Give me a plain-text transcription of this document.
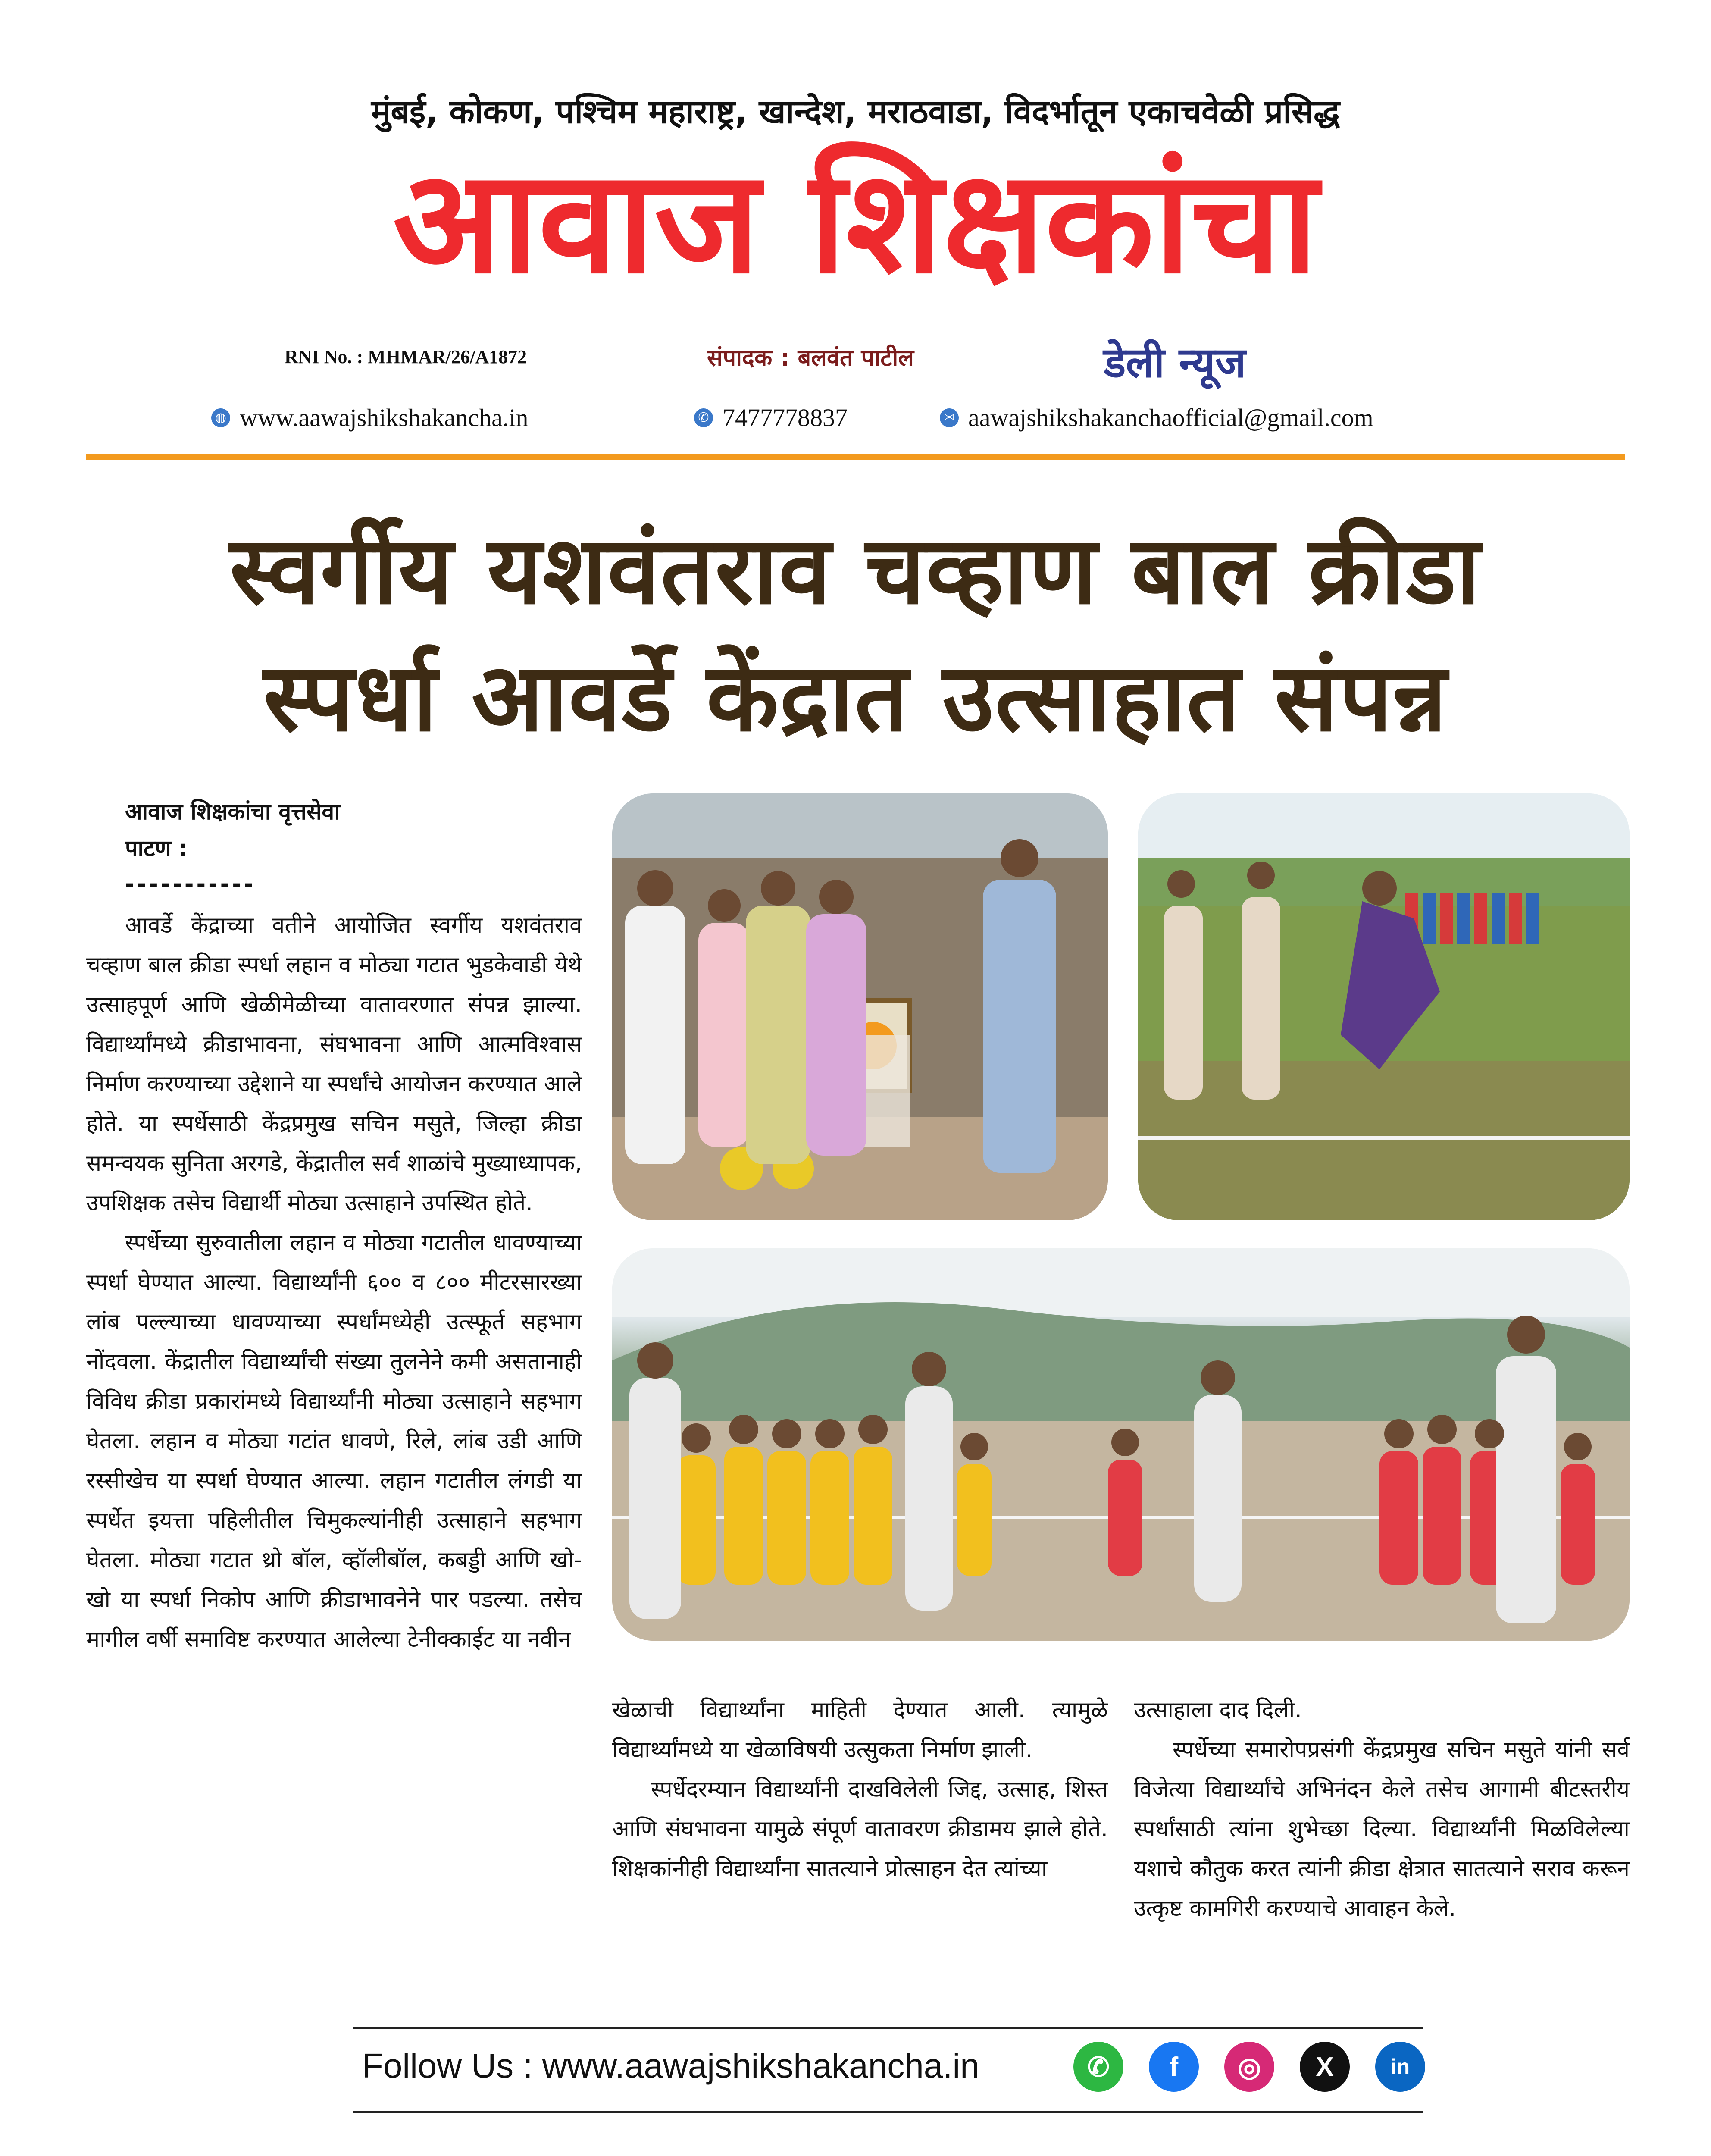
मुंबई, कोकण, पश्चिम महाराष्ट्र, खान्देश, मराठवाडा, विदर्भातून एकाचवेळी प्रसिद्ध
आवाज शिक्षकांचा
RNI No. : MHMAR/26/A1872	संपादक : बलवंत पाटील	डेली न्यूज
◍ www.aawajshikshakancha.in	✆ 7477778837	✉ aawajshikshakanchaofficial@gmail.com
स्वर्गीय यशवंतराव चव्हाण बाल क्रीडा
स्पर्धा आवर्डे केंद्रात उत्साहात संपन्न
आवाज शिक्षकांचा वृत्तसेवा
पाटण :
-----------

आवर्डे केंद्राच्या वतीने आयोजित स्वर्गीय यशवंतराव चव्हाण बाल क्रीडा स्पर्धा लहान व मोठ्या गटात भुडकेवाडी येथे उत्साहपूर्ण आणि खेळीमेळीच्या वातावरणात संपन्न झाल्या. विद्यार्थ्यांमध्ये क्रीडाभावना, संघभावना आणि आत्मविश्वास निर्माण करण्याच्या उद्देशाने या स्पर्धांचे आयोजन करण्यात आले होते. या स्पर्धेसाठी केंद्रप्रमुख सचिन मसुते, जिल्हा क्रीडा समन्वयक सुनिता अरगडे, केंद्रातील सर्व शाळांचे मुख्याध्यापक, उपशिक्षक तसेच विद्यार्थी मोठ्या उत्साहाने उपस्थित होते.

स्पर्धेच्या सुरुवातीला लहान व मोठ्या गटातील धावण्याच्या स्पर्धा घेण्यात आल्या. विद्यार्थ्यांनी ६०० व ८०० मीटरसारख्या लांब पल्ल्याच्या धावण्याच्या स्पर्धांमध्येही उत्स्फूर्त सहभाग नोंदवला. केंद्रातील विद्यार्थ्यांची संख्या तुलनेने कमी असतानाही विविध क्रीडा प्रकारांमध्ये विद्यार्थ्यांनी मोठ्या उत्साहाने सहभाग घेतला. लहान व मोठ्या गटांत धावणे, रिले, लांब उडी आणि रस्सीखेच या स्पर्धा घेण्यात आल्या. लहान गटातील लंगडी या स्पर्धेत इयत्ता पहिलीतील चिमुकल्यांनीही उत्साहाने सहभाग घेतला. मोठ्या गटात थ्रो बॉल, व्हॉलीबॉल, कबड्डी आणि खो-खो या स्पर्धा निकोप आणि क्रीडाभावनेने पार पडल्या. तसेच मागील वर्षी समाविष्ट करण्यात आलेल्या टेनीक्काईट या नवीन

खेळाची विद्यार्थ्यांना माहिती देण्यात आली. त्यामुळे विद्यार्थ्यांमध्ये या खेळाविषयी उत्सुकता निर्माण झाली.

स्पर्धेदरम्यान विद्यार्थ्यांनी दाखविलेली जिद्द, उत्साह, शिस्त आणि संघभावना यामुळे संपूर्ण वातावरण क्रीडामय झाले होते. शिक्षकांनीही विद्यार्थ्यांना सातत्याने प्रोत्साहन देत त्यांच्या

उत्साहाला दाद दिली.

स्पर्धेच्या समारोपप्रसंगी केंद्रप्रमुख सचिन मसुते यांनी सर्व विजेत्या विद्यार्थ्यांचे अभिनंदन केले तसेच आगामी बीटस्तरीय स्पर्धांसाठी त्यांना शुभेच्छा दिल्या. विद्यार्थ्यांनी मिळविलेल्या यशाचे कौतुक करत त्यांनी क्रीडा क्षेत्रात सातत्याने सराव करून उत्कृष्ट कामगिरी करण्याचे आवाहन केले.

Follow Us : www.aawajshikshakancha.in	✆	f	◎	X	in
